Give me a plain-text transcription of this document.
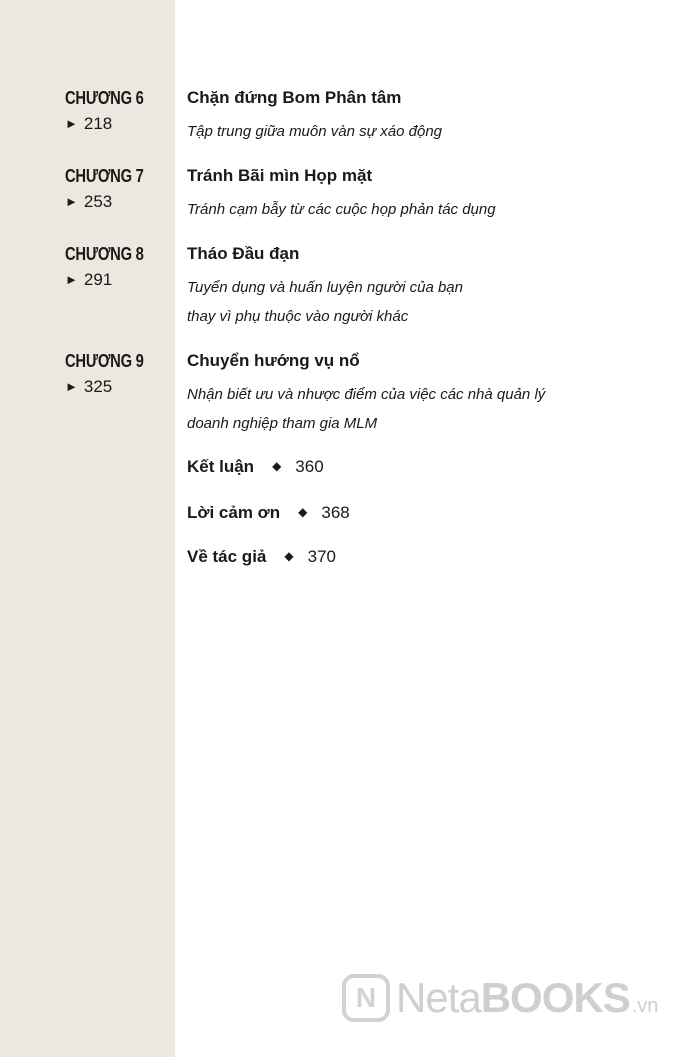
CHƯƠNG 6
► 218
Chặn đứng Bom Phân tâm
Tập trung giữa muôn vàn sự xáo động
CHƯƠNG 7
► 253
Tránh Bãi mìn Họp mặt
Tránh cạm bẫy từ các cuộc họp phản tác dụng
CHƯƠNG 8
► 291
Tháo Đầu đạn
Tuyển dụng và huấn luyện người của bạn
thay vì phụ thuộc vào người khác
CHƯƠNG 9
► 325
Chuyển hướng vụ nổ
Nhận biết ưu và nhược điểm của việc các nhà quản lý
doanh nghiệp tham gia MLM
Kết luận ◆ 360
Lời cảm ơn ◆ 368
Về tác giả ◆ 370
N NetaBOOKS .vn
